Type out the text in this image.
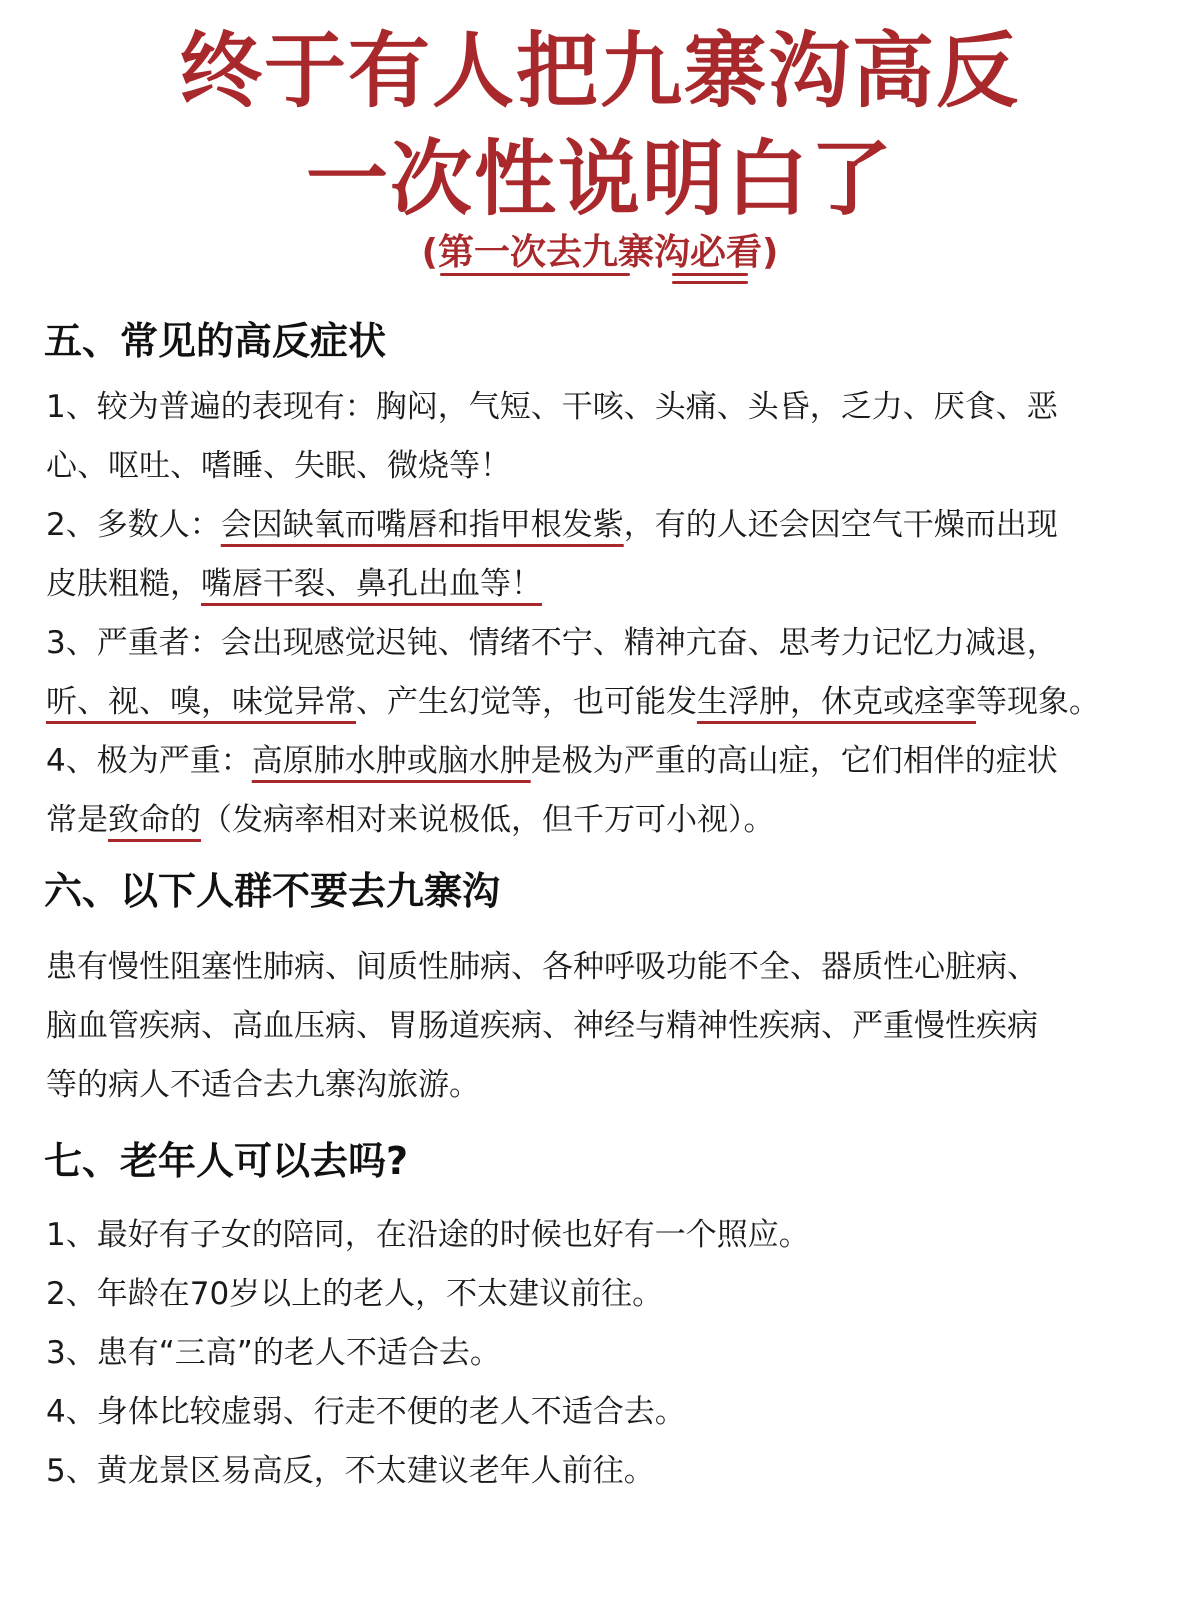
终于有人把九寨沟高反
一次性说明白了
(第一次去九寨沟必看)
五、常见的高反症状

1、较为普遍的表现有：胸闷，气短、干咳、头痛、头昏，乏力、厌食、恶

心、呕吐、嗜睡、失眠、微烧等！

2、多数人：会因缺氧而嘴唇和指甲根发紫，有的人还会因空气干燥而出现

皮肤粗糙，嘴唇干裂、鼻孔出血等！

3、严重者：会出现感觉迟钝、情绪不宁、精神亢奋、思考力记忆力减退，

听、视、嗅，味觉异常、产生幻觉等，也可能发生浮肿，休克或痉挛等现象。

4、极为严重：高原肺水肿或脑水肿是极为严重的高山症，它们相伴的症状

常是致命的（发病率相对来说极低，但千万可小视）。

六、以下人群不要去九寨沟

患有慢性阻塞性肺病、间质性肺病、各种呼吸功能不全、器质性心脏病、

脑血管疾病、高血压病、胃肠道疾病、神经与精神性疾病、严重慢性疾病

等的病人不适合去九寨沟旅游。

七、老年人可以去吗?

1、最好有子女的陪同，在沿途的时候也好有一个照应。

2、年龄在70岁以上的老人，不太建议前往。

3、患有“三高”的老人不适合去。

4、身体比较虚弱、行走不便的老人不适合去。

5、黄龙景区易高反，不太建议老年人前往。
